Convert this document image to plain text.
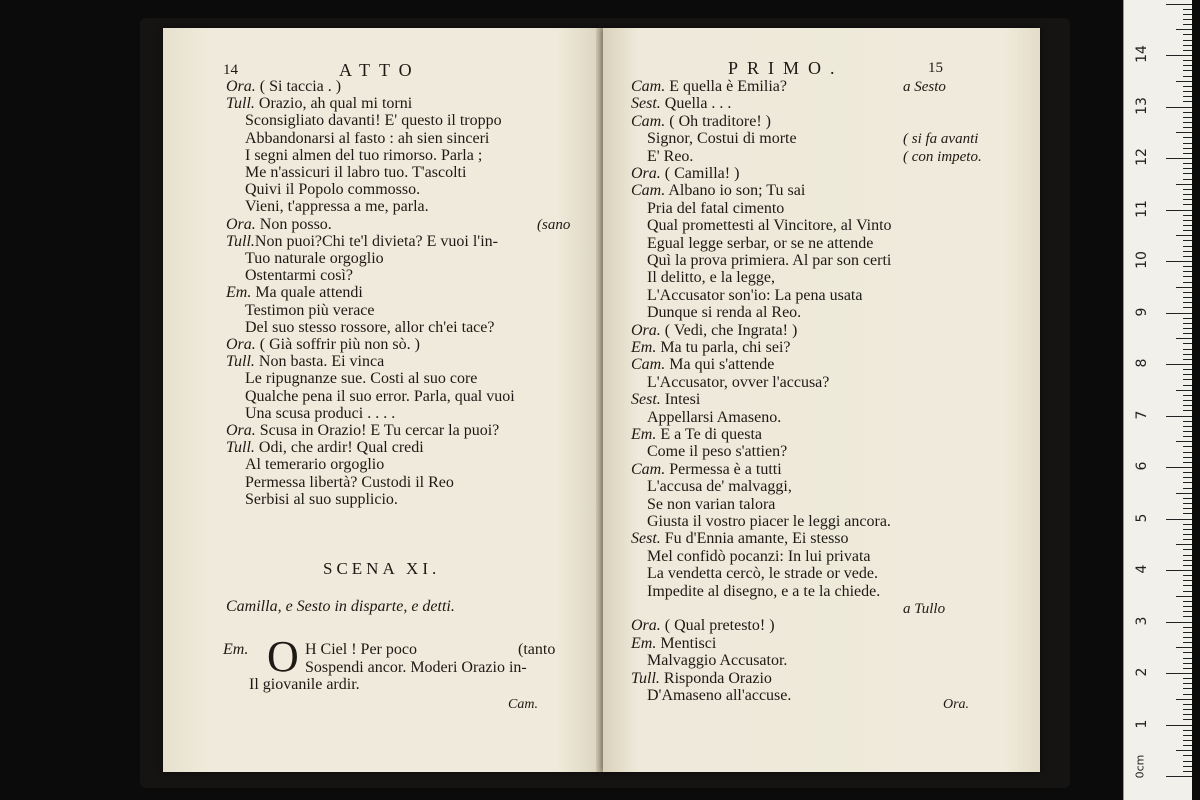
14	ATTO
Ora. ( Si taccia . )
Tull. Orazio, ah qual mi torni
Sconsigliato davanti! E' questo il troppo
Abbandonarsi al fasto : ah sien sinceri
I segni almen del tuo rimorso. Parla ;
Me n'assicuri il labro tuo. T'ascolti
Quivi il Popolo commosso.
Vieni, t'appressa a me, parla.
Ora. Non posso.	(sano
Tull.Non puoi?Chi te'l divieta? E vuoi l'in-
Tuo naturale orgoglio
Ostentarmi così?
Em. Ma quale attendi
Testimon più verace
Del suo stesso rossore, allor ch'ei tace?
Ora. ( Già soffrir più non sò. )
Tull. Non basta. Ei vinca
Le ripugnanze sue. Costi al suo core
Qualche pena il suo error. Parla, qual vuoi
Una scusa produci . . . .
Ora. Scusa in Orazio! E Tu cercar la puoi?
Tull. Odi, che ardir! Qual credi
Al temerario orgoglio
Permessa libertà? Custodi il Reo
Serbisi al suo supplicio.
SCENA XI.
Camilla, e Sesto in disparte, e detti.
Em. O H Ciel ! Per poco	(tanto
Sospendi ancor. Moderi Orazio in-
Il giovanile ardir.
Cam.
PRIMO.	15
Cam. E quella è Emilia?	a Sesto
Sest. Quella . . .
Cam. ( Oh traditore! )
Signor, Costui di morte	( si fa avanti
E' Reo.	( con impeto.
Ora. ( Camilla! )
Cam. Albano io son; Tu sai
Pria del fatal cimento
Qual promettesti al Vincitore, al Vinto
Egual legge serbar, or se ne attende
Quì la prova primiera. Al par son certi
Il delitto, e la legge,
L'Accusator son'io: La pena usata
Dunque si renda al Reo.
Ora. ( Vedi, che Ingrata! )
Em. Ma tu parla, chi sei?
Cam. Ma qui s'attende
L'Accusator, ovver l'accusa?
Sest. Intesi
Appellarsi Amaseno.
Em. E a Te di questa
Come il peso s'attien?
Cam. Permessa è a tutti
L'accusa de' malvaggi,
Se non varian talora
Giusta il vostro piacer le leggi ancora.
Sest. Fu d'Ennia amante, Ei stesso
Mel confidò pocanzi: In lui privata
La vendetta cercò, le strade or vede.
Impedite al disegno, e a te la chiede.
a Tullo
Ora. ( Qual pretesto! )
Em. Mentisci
Malvaggio Accusator.
Tull. Risponda Orazio
D'Amaseno all'accuse.
Ora.
1
2
3
4
5
6
7
8
9
10
11
12
13
14
0cm
